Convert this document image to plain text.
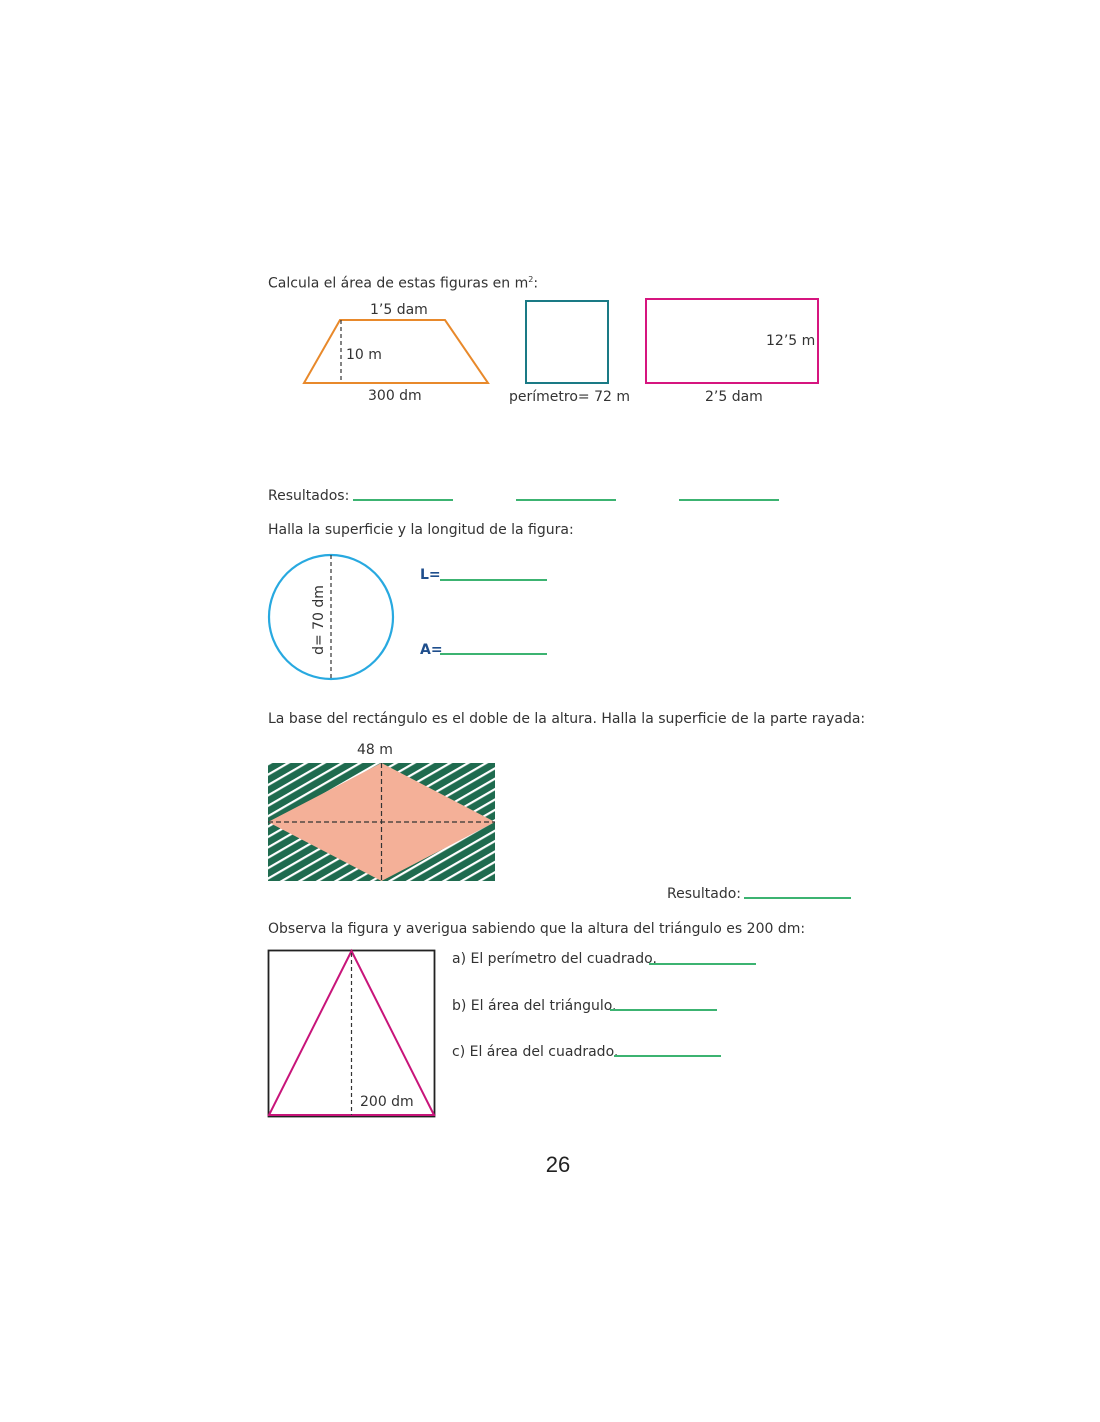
Calcula el área de estas figuras en $m^2$:
1’5 dam
10 m
300 dm	perímetro= 72 m
12’5 m
2’5 dam
Resultados:
Halla la superficie y la longitud de la figura:
d= 70 dm
L=
A=
La base del rectángulo es el doble de la altura. Halla la superficie de la parte rayada:
48 m
Resultado:
Observa la figura y averigua sabiendo que la altura del triángulo es 200 dm:
200 dm
a) El perímetro del cuadrado.
b) El área del triángulo.
c) El área del cuadrado.
26
